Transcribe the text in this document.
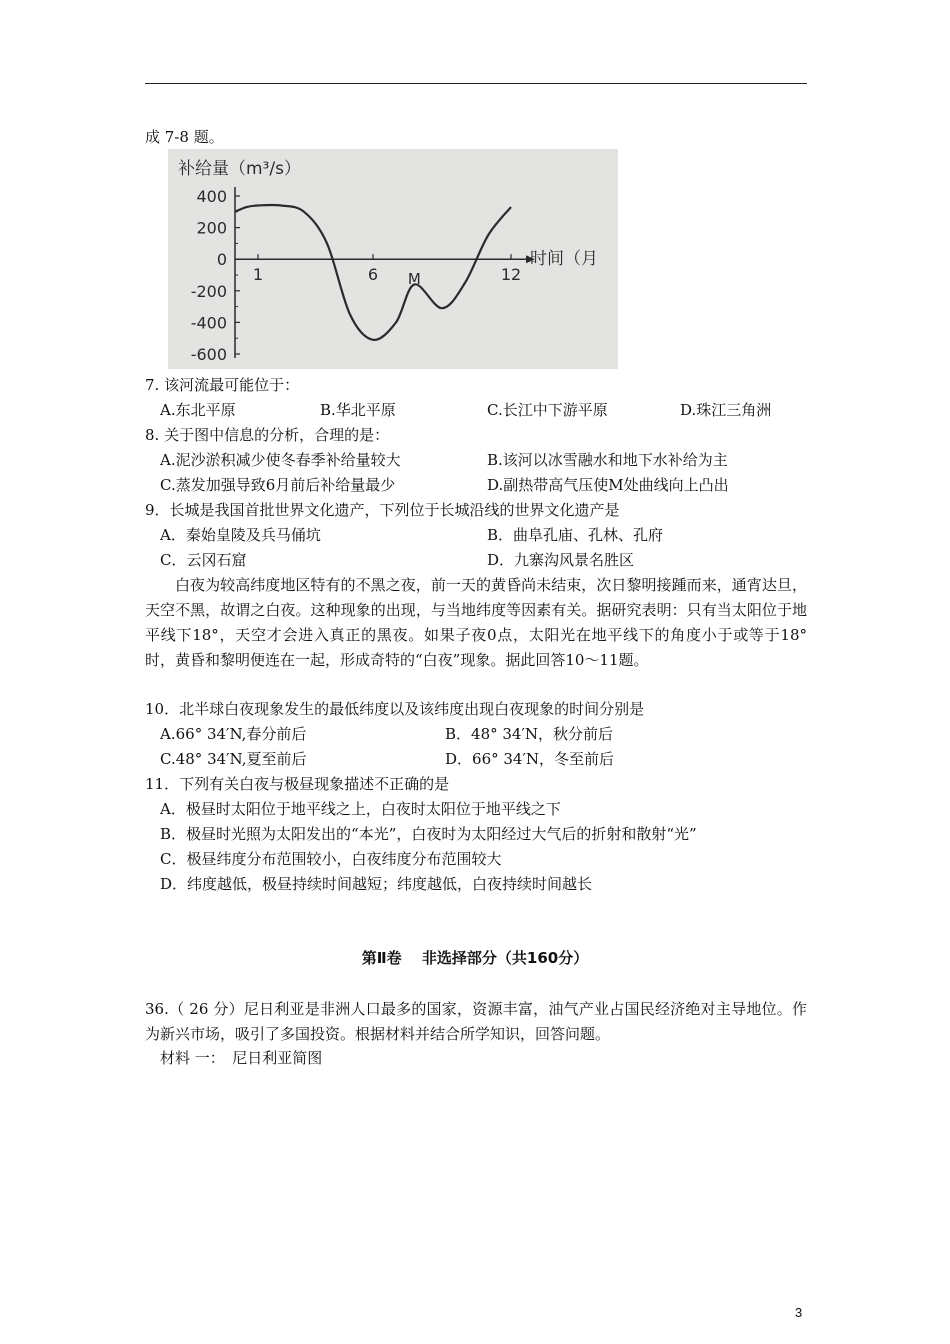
成 7-8 题。
400
200
0
-200
-400
-600
1	6 M	12
补给量（m³/s）
时间（月
7. 该河流最可能位于：
A.东北平原	B.华北平原	C.长江中下游平原	D.珠江三角洲
8. 关于图中信息的分析，合理的是：
A.泥沙淤积减少使冬春季补给量较大	B.该河以冰雪融水和地下水补给为主
C.蒸发加强导致6月前后补给量最少	D.副热带高气压使M处曲线向上凸出
9．长城是我国首批世界文化遗产，下列位于长城沿线的世界文化遗产是
A．秦始皇陵及兵马俑坑	B．曲阜孔庙、孔林、孔府
C．云冈石窟	D．九寨沟风景名胜区
白夜为较高纬度地区特有的不黑之夜，前一天的黄昏尚未结束，次日黎明接踵而来，通宵达旦，天空不黑，故谓之白夜。这种现象的出现，与当地纬度等因素有关。据研究表明：只有当太阳位于地平线下18°，天空才会进入真正的黑夜。如果子夜0点，太阳光在地平线下的角度小于或等于18°时，黄昏和黎明便连在一起，形成奇特的“白夜”现象。据此回答10～11题。
10．北半球白夜现象发生的最低纬度以及该纬度出现白夜现象的时间分别是
A.66° 34′N,春分前后	B．48° 34′N，秋分前后
C.48° 34′N,夏至前后	D．66° 34′N，冬至前后
11．下列有关白夜与极昼现象描述不正确的是
A．极昼时太阳位于地平线之上，白夜时太阳位于地平线之下
B．极昼时光照为太阳发出的“本光”，白夜时为太阳经过大气后的折射和散射“光”
C．极昼纬度分布范围较小，白夜纬度分布范围较大
D．纬度越低，极昼持续时间越短；纬度越低，白夜持续时间越长
第Ⅱ卷　 非选择部分（共160分）
36.（ 26 分）尼日利亚是非洲人口最多的国家，资源丰富，油气产业占国民经济绝对主导地位。作为新兴市场，吸引了多国投资。根据材料并结合所学知识，回答问题。
材料 一：　尼日利亚简图
3
